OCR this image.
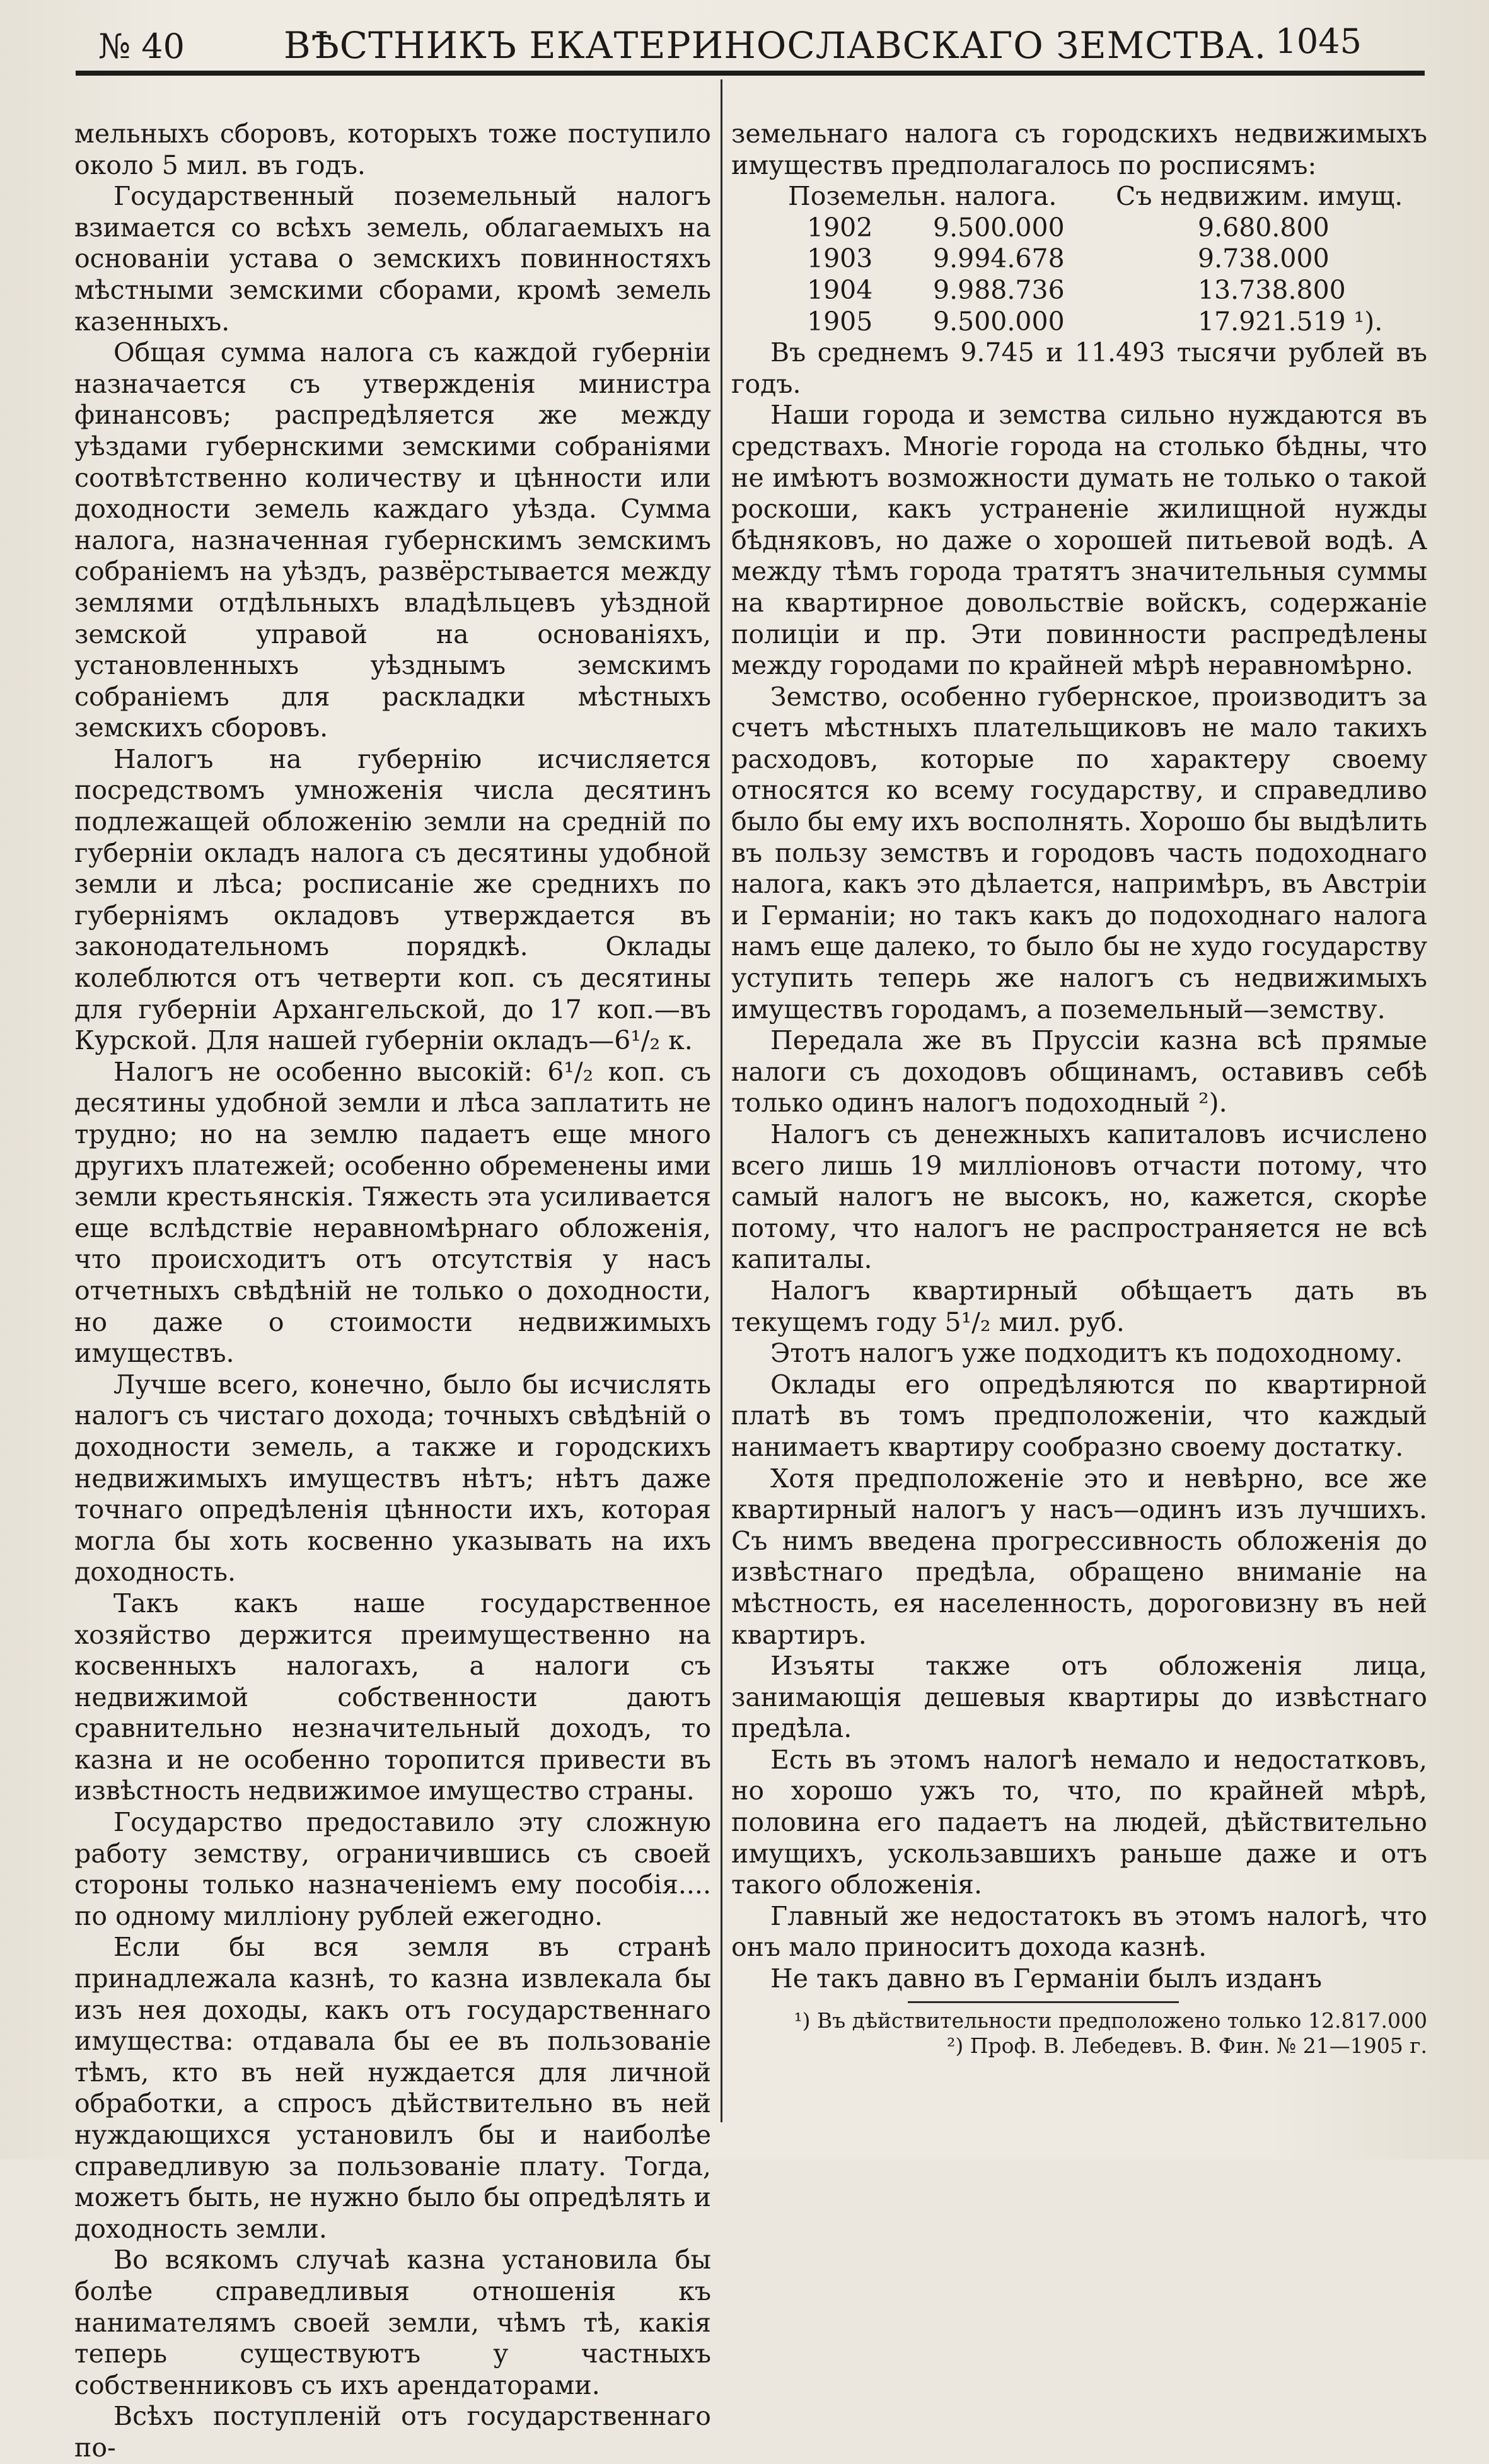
№ 40	ВѢСТНИКЪ ЕКАТЕРИНОСЛАВСКАГО ЗЕМСТВА. 1045

мельныхъ сборовъ, которыхъ тоже поступило около 5 мил. въ годъ.

Государственный поземельный налогъ взимается со всѣхъ земель, облагаемыхъ на основаніи устава о земскихъ повинностяхъ мѣстными земскими сборами, кромѣ земель казенныхъ.

Общая сумма налога съ каждой губерніи назначается съ утвержденія министра финансовъ; распредѣляется же между уѣздами губернскими земскими собраніями соотвѣтственно количеству и цѣнности или доходности земель каждаго уѣзда. Сумма налога, назначенная губернскимъ земскимъ собраніемъ на уѣздъ, развёрстывается между землями отдѣльныхъ владѣльцевъ уѣздной земской управой на основаніяхъ, установленныхъ уѣзднымъ земскимъ собраніемъ для раскладки мѣстныхъ земскихъ сборовъ.

Налогъ на губернію исчисляется посредствомъ умноженія числа десятинъ подлежащей обложенію земли на средній по губерніи окладъ налога съ десятины удобной земли и лѣса; росписаніе же среднихъ по губерніямъ окладовъ утверждается въ законодательномъ порядкѣ. Оклады колеблются отъ четверти коп. съ десятины для губерніи Архангельской, до 17 коп.—въ Курской. Для нашей губерніи окладъ—6¹/₂ к.

Налогъ не особенно высокій: 6¹/₂ коп. съ десятины удобной земли и лѣса заплатить не трудно; но на землю падаетъ еще много другихъ платежей; особенно обременены ими земли крестьянскія. Тяжесть эта усиливается еще вслѣдствіе неравномѣрнаго обложенія, что происходитъ отъ отсутствія у насъ отчетныхъ свѣдѣній не только о доходности, но даже о стоимости недвижимыхъ имуществъ.

Лучше всего, конечно, было бы исчислять налогъ съ чистаго дохода; точныхъ свѣдѣній о доходности земель, а также и городскихъ недвижимыхъ имуществъ нѣтъ; нѣтъ даже точнаго опредѣленія цѣнности ихъ, которая могла бы хоть косвенно указывать на ихъ доходность.

Такъ какъ наше государственное хозяйство держится преимущественно на косвенныхъ налогахъ, а налоги съ недвижимой собственности даютъ сравнительно незначительный доходъ, то казна и не особенно торопится привести въ извѣстность недвижимое имущество страны.

Государство предоставило эту сложную работу земству, ограничившись съ своей стороны только назначеніемъ ему пособія.... по одному милліону рублей ежегодно.

Если бы вся земля въ странѣ принадлежала казнѣ, то казна извлекала бы изъ нея доходы, какъ отъ государственнаго имущества: отдавала бы ее въ пользованіе тѣмъ, кто въ ней нуждается для личной обработки, а спросъ дѣйствительно въ ней нуждающихся установилъ бы и наиболѣе справедливую за пользованіе плату. Тогда, можетъ быть, не нужно было бы опредѣлять и доходность земли.

Во всякомъ случаѣ казна установила бы болѣе справедливыя отношенія къ нанимателямъ своей земли, чѣмъ тѣ, какія теперь существуютъ у частныхъ собственниковъ съ ихъ арендаторами.

Всѣхъ поступленій отъ государственнаго по-

земельнаго налога съ городскихъ недвижимыхъ имуществъ предполагалось по росписямъ:

Поземельн. налога.	Съ недвижим. имущ.
1902	9.500.000	9.680.800
1903	9.994.678	9.738.000
1904	9.988.736	13.738.800
1905	9.500.000	17.921.519 ¹).

Въ среднемъ 9.745 и 11.493 тысячи рублей въ годъ.

Наши города и земства сильно нуждаются въ средствахъ. Многіе города на столько бѣдны, что не имѣютъ возможности думать не только о такой роскоши, какъ устраненіе жилищной нужды бѣдняковъ, но даже о хорошей питьевой водѣ. А между тѣмъ города тратятъ значительныя суммы на квартирное довольствіе войскъ, содержаніе полиціи и пр. Эти повинности распредѣлены между городами по крайней мѣрѣ неравномѣрно.

Земство, особенно губернское, производитъ за счетъ мѣстныхъ плательщиковъ не мало такихъ расходовъ, которые по характеру своему относятся ко всему государству, и справедливо было бы ему ихъ восполнять. Хорошо бы выдѣлить въ пользу земствъ и городовъ часть подоходнаго налога, какъ это дѣлается, напримѣръ, въ Австріи и Германіи; но такъ какъ до подоходнаго налога намъ еще далеко, то было бы не худо государству уступить теперь же налогъ съ недвижимыхъ имуществъ городамъ, а поземельный—земству.

Передала же въ Пруссіи казна всѣ прямые налоги съ доходовъ общинамъ, оставивъ себѣ только одинъ налогъ подоходный ²).

Налогъ съ денежныхъ капиталовъ исчислено всего лишь 19 милліоновъ отчасти потому, что самый налогъ не высокъ, но, кажется, скорѣе потому, что налогъ не распространяется не всѣ капиталы.

Налогъ квартирный обѣщаетъ дать въ текущемъ году 5¹/₂ мил. руб.

Этотъ налогъ уже подходитъ къ подоходному.

Оклады его опредѣляются по квартирной платѣ въ томъ предположеніи, что каждый нанимаетъ квартиру сообразно своему достатку.

Хотя предположеніе это и невѣрно, все же квартирный налогъ у насъ—одинъ изъ лучшихъ. Съ нимъ введена прогрессивность обложенія до извѣстнаго предѣла, обращено вниманіе на мѣстность, ея населенность, дороговизну въ ней квартиръ.

Изъяты также отъ обложенія лица, занимающія дешевыя квартиры до извѣстнаго предѣла.

Есть въ этомъ налогѣ немало и недостатковъ, но хорошо ужъ то, что, по крайней мѣрѣ, половина его падаетъ на людей, дѣйствительно имущихъ, ускользавшихъ раньше даже и отъ такого обложенія.

Главный же недостатокъ въ этомъ налогѣ, что онъ мало приноситъ дохода казнѣ.

Не такъ давно въ Германіи былъ изданъ

¹) Въ дѣйствительности предположено только 12.817.000

²) Проф. В. Лебедевъ. В. Фин. № 21—1905 г.
